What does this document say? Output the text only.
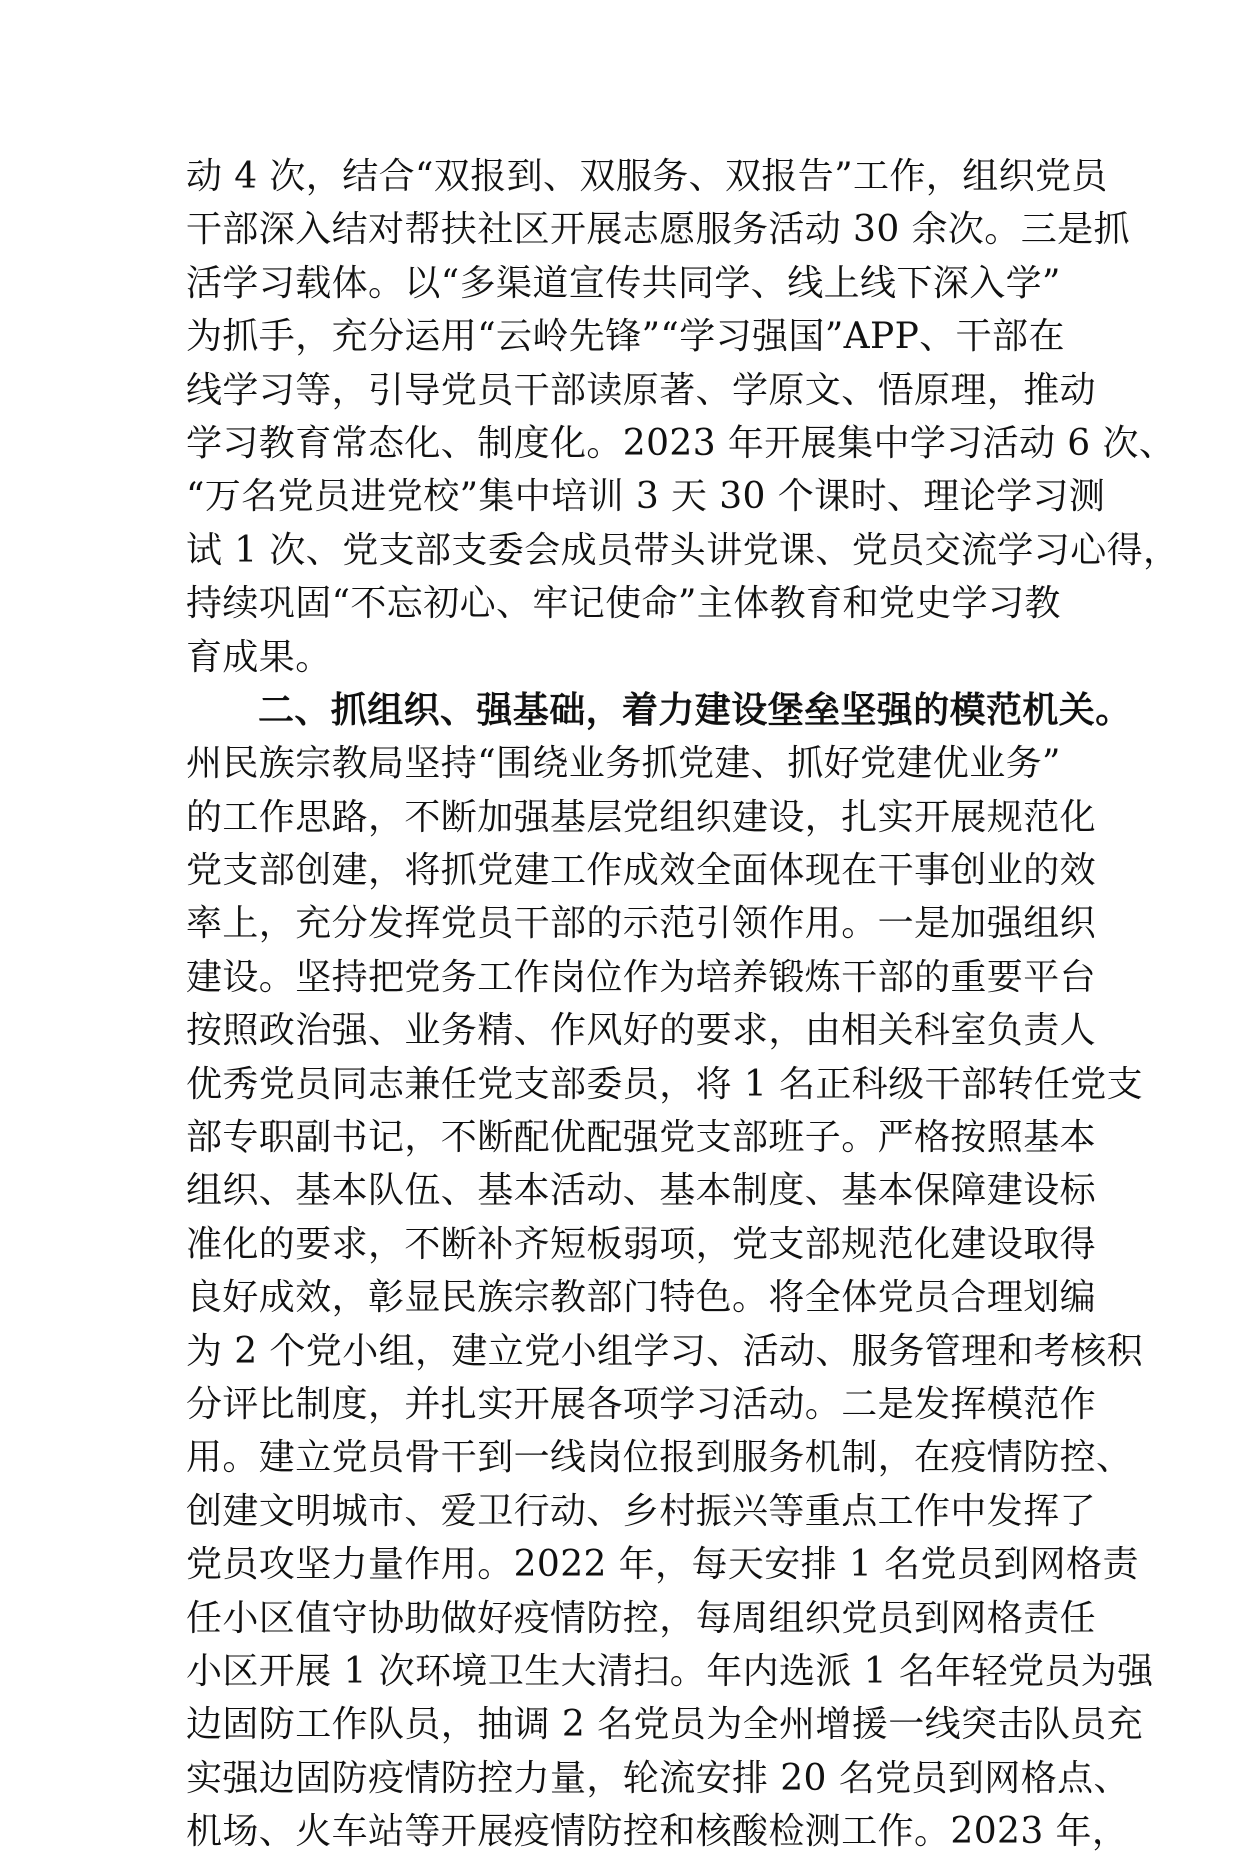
动 4 次，结合“双报到、双服务、双报告”工作，组织党员
干部深入结对帮扶社区开展志愿服务活动 30 余次。三是抓
活学习载体。以“多渠道宣传共同学、线上线下深入学”
为抓手，充分运用“云岭先锋”“学习强国”APP、干部在
线学习等，引导党员干部读原著、学原文、悟原理，推动
学习教育常态化、制度化。2023 年开展集中学习活动 6 次、
“万名党员进党校”集中培训 3 天 30 个课时、理论学习测
试 1 次、党支部支委会成员带头讲党课、党员交流学习心得，
持续巩固“不忘初心、牢记使命”主体教育和党史学习教
育成果。
二、抓组织、强基础，着力建设堡垒坚强的模范机关。
州民族宗教局坚持“围绕业务抓党建、抓好党建优业务”
的工作思路，不断加强基层党组织建设，扎实开展规范化
党支部创建，将抓党建工作成效全面体现在干事创业的效
率上，充分发挥党员干部的示范引领作用。一是加强组织
建设。坚持把党务工作岗位作为培养锻炼干部的重要平台
按照政治强、业务精、作风好的要求，由相关科室负责人
优秀党员同志兼任党支部委员，将 1 名正科级干部转任党支
部专职副书记，不断配优配强党支部班子。严格按照基本
组织、基本队伍、基本活动、基本制度、基本保障建设标
准化的要求，不断补齐短板弱项，党支部规范化建设取得
良好成效，彰显民族宗教部门特色。将全体党员合理划编
为 2 个党小组，建立党小组学习、活动、服务管理和考核积
分评比制度，并扎实开展各项学习活动。二是发挥模范作
用。建立党员骨干到一线岗位报到服务机制，在疫情防控、
创建文明城市、爱卫行动、乡村振兴等重点工作中发挥了
党员攻坚力量作用。2022 年，每天安排 1 名党员到网格责
任小区值守协助做好疫情防控，每周组织党员到网格责任
小区开展 1 次环境卫生大清扫。年内选派 1 名年轻党员为强
边固防工作队员，抽调 2 名党员为全州增援一线突击队员充
实强边固防疫情防控力量，轮流安排 20 名党员到网格点、
机场、火车站等开展疫情防控和核酸检测工作。2023 年，
